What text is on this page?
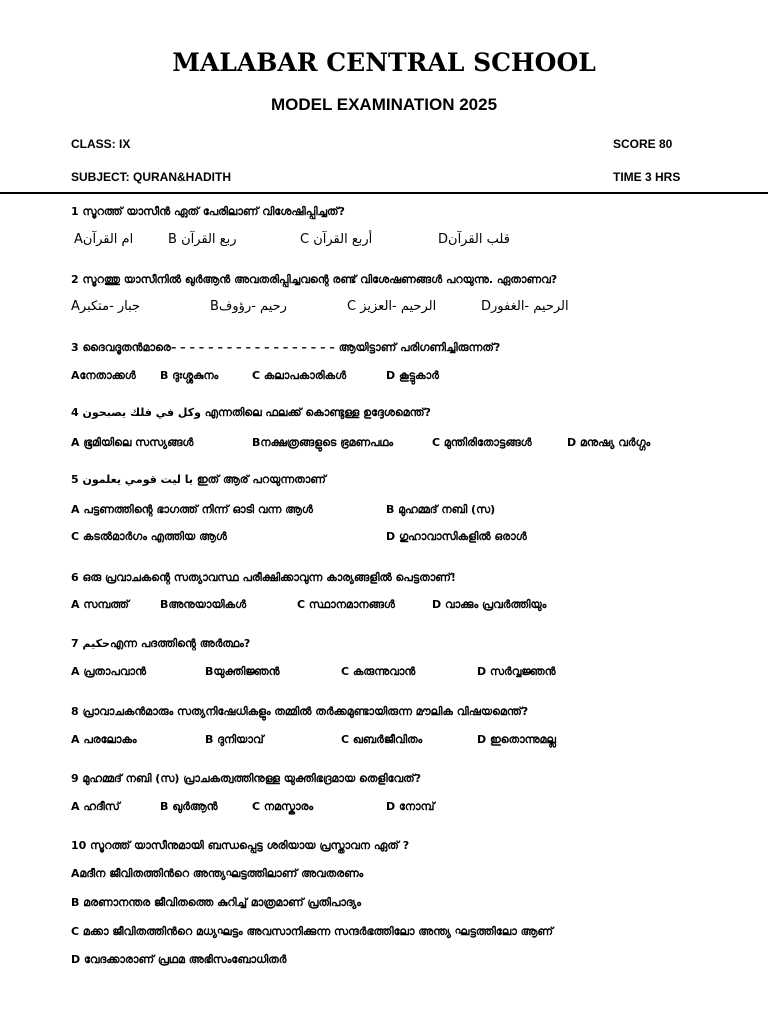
MALABAR CENTRAL SCHOOL
MODEL EXAMINATION 2025
CLASS: IX	SCORE 80
SUBJECT: QURAN&HADITH	TIME 3 HRS
1 സൂറത്ത് യാസീൻ ഏത് പേരിലാണ് വിശേഷിപ്പിച്ചത്?
Aام القرآن	B ربع القرآن	C أربع القرآن	Dقلب القرآن
2 സൂറത്തു യാസീനിൽ ഖുർആൻ അവതരിപ്പിച്ചവന്റെ രണ്ട് വിശേഷണങ്ങൾ പറയുന്നു. ഏതാണവ?
Aجبار -متكبر	Bرحيم -رؤوف	C الرحيم -العزيز	Dالرحيم -الغفور
3 ദൈവദൂതൻമാരെ– – – – – – – – – – – – – – – – – – ആയിട്ടാണ് പരിഗണിച്ചിരുന്നത്?
Aനേതാക്കൾ B ദുഃശ്ശകുനം	C കലാപകാരികൾ	D കൂട്ടുകാർ
4 وكل في فلك يصبحون എന്നതിലെ ഫലക്ക് കൊണ്ടുള്ള ഉദ്ദേശമെന്ത്?
A ഭൂമിയിലെ സസ്യങ്ങൾ	Bനക്ഷത്രങ്ങളുടെ ഭ്രമണപഥം	C മുന്തിരിതോട്ടങ്ങൾ	D മനുഷ്യ വർഗ്ഗം
5 يا ليت قومي يعلمون ഇത് ആര് പറയുന്നതാണ്
A പട്ടണത്തിന്റെ ഭാഗത്ത് നിന്ന് ഓടി വന്ന ആൾ	B മുഹമ്മദ് നബി (സ)
C കടൽമാർഗം എത്തിയ ആൾ	D ഗുഹാവാസികളിൽ ഒരാൾ
6 ഒരു പ്രവാചകന്റെ സത്യാവസ്ഥ പരീക്ഷിക്കാവുന്ന കാര്യങ്ങളിൽ പെട്ടതാണ്!
A സമ്പത്ത്	Bഅനുയായികൾ	C സ്ഥാനമാനങ്ങൾ	D വാക്കും പ്രവർത്തിയും
7 حكيمഎന്ന പദത്തിന്റെ അർത്ഥം?
A പ്രതാപവാൻ	Bയുക്തിജ്ഞൻ	C കരുന്നുവാൻ	D സർവ്വജ്ഞൻ
8 പ്രാവാചകൻമാരും സത്യനിഷേധികളും തമ്മിൽ തർക്കമുണ്ടായിരുന്ന മൗലിക വിഷയമെന്ത്?
A പരലോകം	B ദുനിയാവ്	C ഖബർജീവിതം	D ഇതൊന്നുമല്ല
9 മുഹമ്മദ് നബി (സ) പ്രാചകത്വത്തിനുള്ള യുക്തിഭദ്രമായ തെളിവേത്?
A ഹദീസ്	B ഖുർആൻ	C നമസ്കാരം	D നോമ്പ്
10 സൂറത്ത് യാസീനുമായി ബന്ധപ്പെട്ട ശരിയായ പ്രസ്താവന ഏത് ?
Aമദീന ജീവിതത്തിൻറെ അന്ത്യഘട്ടത്തിലാണ് അവതരണം
B മരണാനന്തര ജീവിതത്തെ കുറിച്ച് മാത്രമാണ് പ്രതിപാദ്യം
C മക്കാ ജീവിതത്തിൻറെ മധ്യഘട്ടം അവസാനിക്കുന്ന സന്ദർഭത്തിലോ അന്ത്യ ഘട്ടത്തിലോ ആണ്
D വേദക്കാരാണ് പ്രഥമ അഭിസംബോധിതർ
